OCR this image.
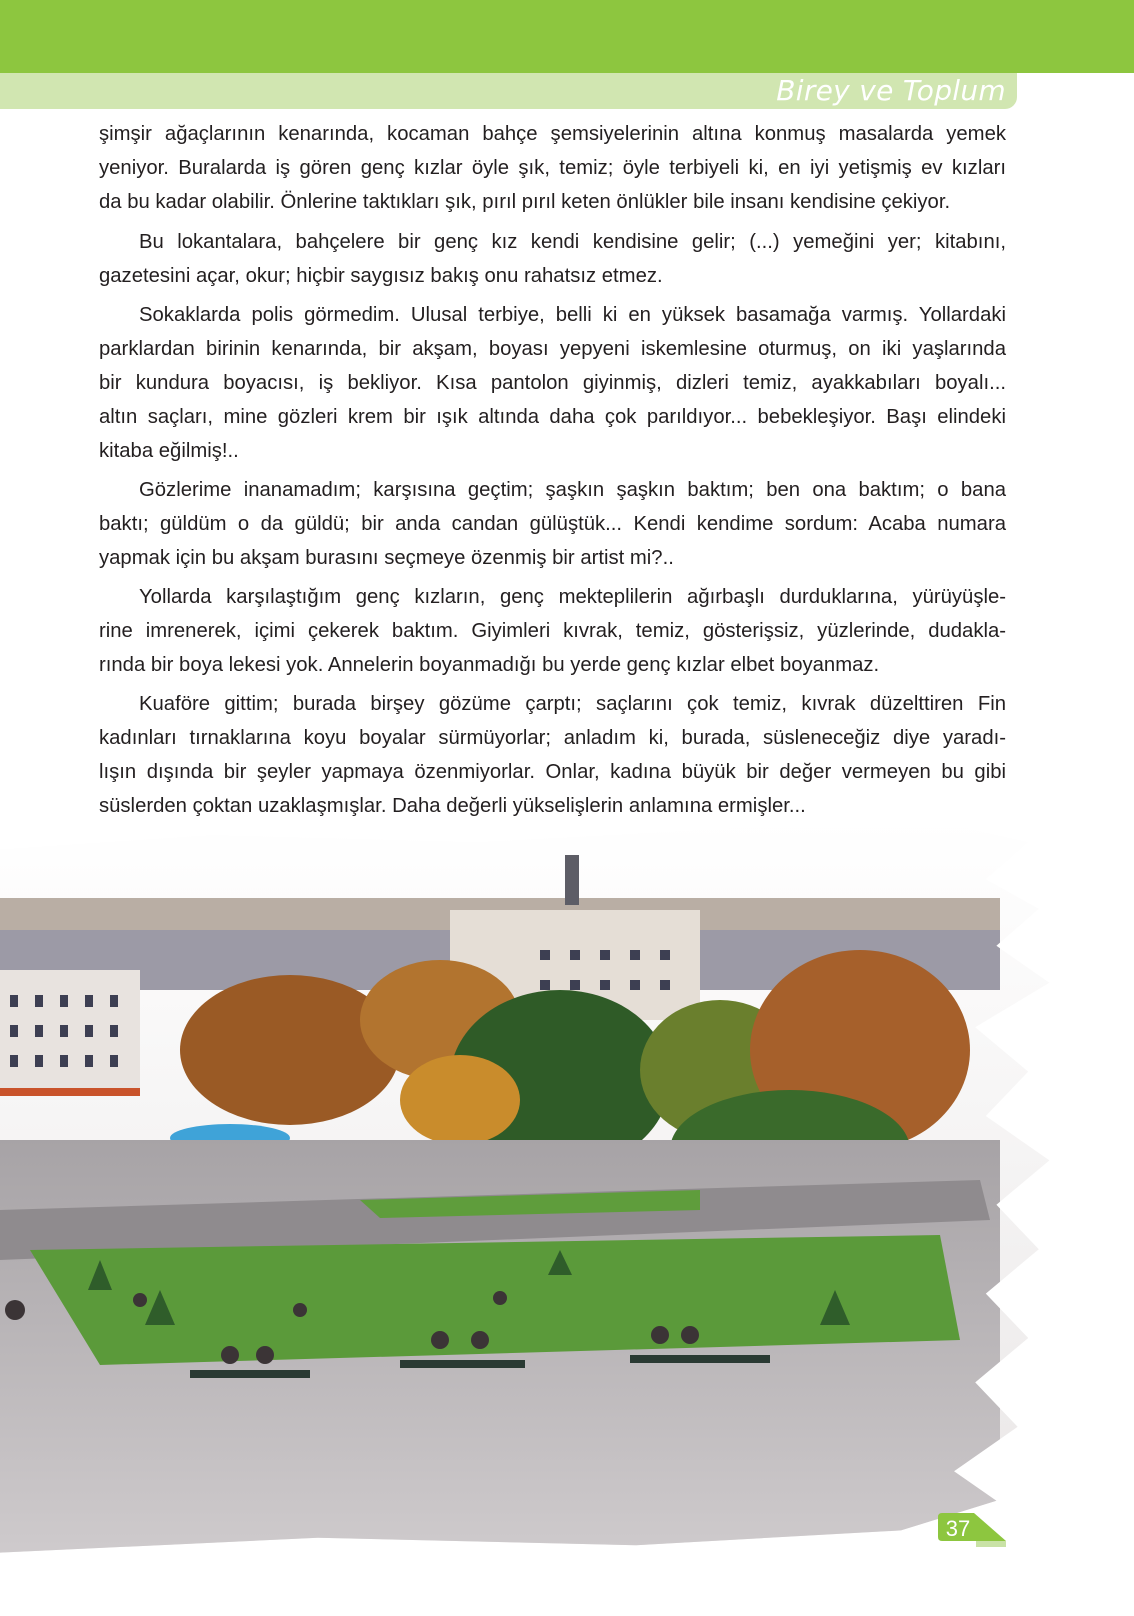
Birey ve Toplum
şimşir ağaçlarının kenarında, kocaman bahçe şemsiyelerinin altına konmuş masalarda yemek
yeniyor. Buralarda iş gören genç kızlar öyle şık, temiz; öyle terbiyeli ki, en iyi yetişmiş ev kızları
da bu kadar olabilir. Önlerine taktıkları şık, pırıl pırıl keten önlükler bile insanı kendisine çekiyor.
Bu lokantalara, bahçelere bir genç kız kendi kendisine gelir; (...) yemeğini yer; kitabını,
gazetesini açar, okur; hiçbir saygısız bakış onu rahatsız etmez.
Sokaklarda polis görmedim. Ulusal terbiye, belli ki en yüksek basamağa varmış. Yollardaki
parklardan birinin kenarında, bir akşam, boyası yepyeni iskemlesine oturmuş, on iki yaşlarında
bir kundura boyacısı, iş bekliyor. Kısa pantolon giyinmiş, dizleri temiz, ayakkabıları boyalı...
altın saçları, mine gözleri krem bir ışık altında daha çok parıldıyor... bebekleşiyor. Başı elindeki
kitaba eğilmiş!..
Gözlerime inanamadım; karşısına geçtim; şaşkın şaşkın baktım; ben ona baktım; o bana
baktı; güldüm o da güldü; bir anda candan gülüştük... Kendi kendime sordum: Acaba numara
yapmak için bu akşam burasını seçmeye özenmiş bir artist mi?..
Yollarda karşılaştığım genç kızların, genç mekteplilerin ağırbaşlı durduklarına, yürüyüşle-
rine imrenerek, içimi çekerek baktım. Giyimleri kıvrak, temiz, gösterişsiz, yüzlerinde, dudakla-
rında bir boya lekesi yok. Annelerin boyanmadığı bu yerde genç kızlar elbet boyanmaz.
Kuaföre gittim; burada birşey gözüme çarptı; saçlarını çok temiz, kıvrak düzelttiren Fin
kadınları tırnaklarına koyu boyalar sürmüyorlar; anladım ki, burada, süsleneceğiz diye yaradı-
lışın dışında bir şeyler yapmaya özenmiyorlar. Onlar, kadına büyük bir değer vermeyen bu gibi
süslerden çoktan uzaklaşmışlar. Daha değerli yükselişlerin anlamına ermişler...
37
